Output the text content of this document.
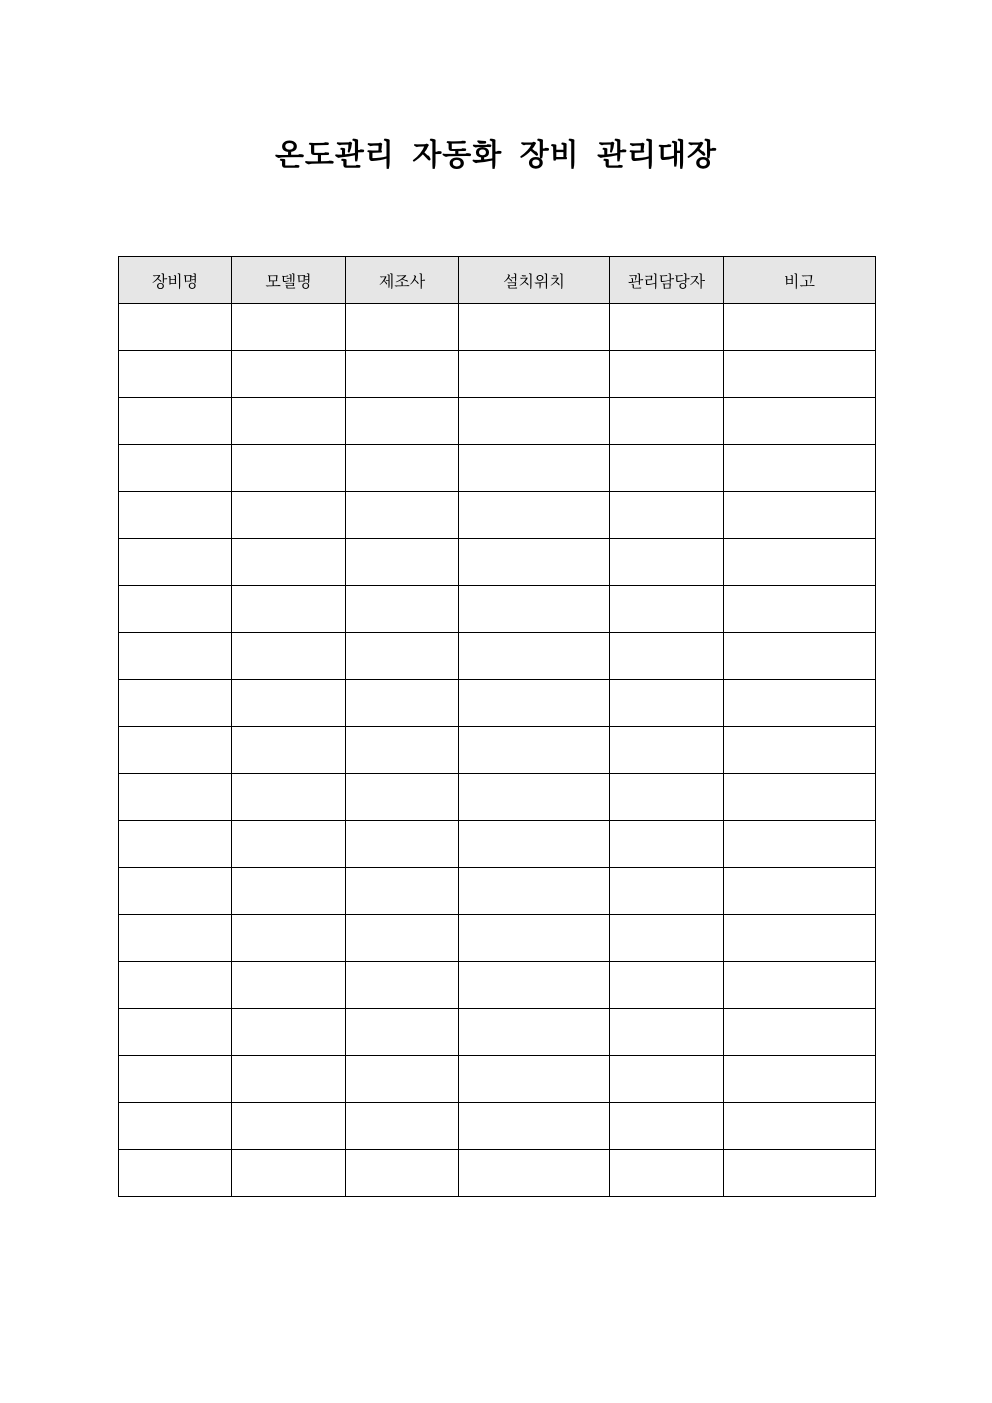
온도관리 자동화 장비 관리대장
장비명	모델명	제조사	설치위치	관리담당자	비고
